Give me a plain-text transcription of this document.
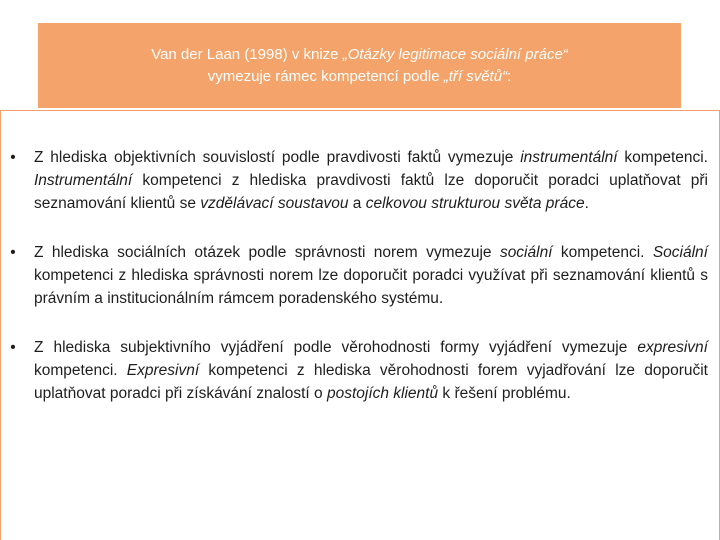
Van der Laan (1998) v knize „Otázky legitimace sociální práce“
vymezuje rámec kompetencí podle „tří světů“:
• Z hlediska objektivních souvislostí podle pravdivosti faktů vymezuje instrumentální kompetenci. Instrumentální kompetenci z hlediska pravdivosti faktů lze doporučit poradci uplatňovat při seznamování klientů se vzdělávací soustavou a celkovou strukturou světa práce.
• Z hlediska sociálních otázek podle správnosti norem vymezuje sociální kompetenci. Sociální kompetenci z hlediska správnosti norem lze doporučit poradci využívat při seznamování klientů s právním a institucionálním rámcem poradenského systému.
• Z hlediska subjektivního vyjádření podle věrohodnosti formy vyjádření vymezuje expresivní kompetenci. Expresivní kompetenci z hlediska věrohodnosti forem vyjadřování lze doporučit uplatňovat poradci při získávání znalostí o postojích klientů k řešení problému.
